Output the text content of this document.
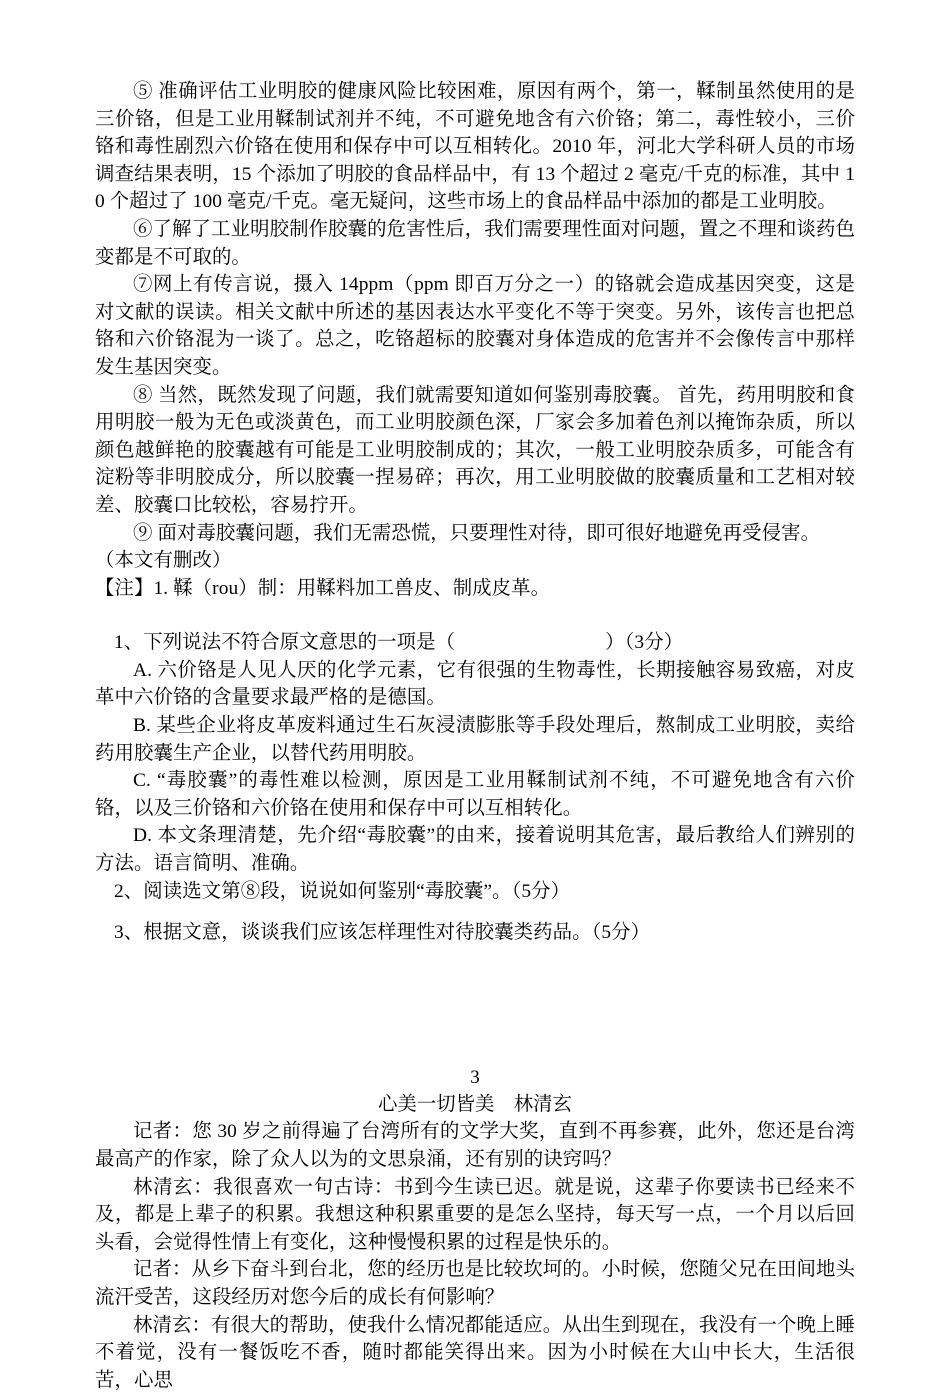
⑤ 准确评估工业明胶的健康风险比较困难，原因有两个，第一，鞣制虽然使用的是三价铬，但是工业用鞣制试剂并不纯，不可避免地含有六价铬；第二，毒性较小，三价铬和毒性剧烈六价铬在使用和保存中可以互相转化。2010 年，河北大学科研人员的市场调查结果表明，15 个添加了明胶的食品样品中，有 13 个超过 2 毫克/千克的标准，其中 10 个超过了 100 毫克/千克。毫无疑问，这些市场上的食品样品中添加的都是工业明胶。

⑥了解了工业明胶制作胶囊的危害性后，我们需要理性面对问题，置之不理和谈药色变都是不可取的。

⑦网上有传言说，摄入 14ppm（ppm 即百万分之一）的铬就会造成基因突变，这是对文献的误读。相关文献中所述的基因表达水平变化不等于突变。另外，该传言也把总铬和六价铬混为一谈了。总之，吃铬超标的胶囊对身体造成的危害并不会像传言中那样发生基因突变。

⑧ 当然，既然发现了问题，我们就需要知道如何鉴别毒胶囊。 首先，药用明胶和食用明胶一般为无色或淡黄色，而工业明胶颜色深，厂家会多加着色剂以掩饰杂质，所以颜色越鲜艳的胶囊越有可能是工业明胶制成的；其次，一般工业明胶杂质多，可能含有淀粉等非明胶成分，所以胶囊一捏易碎；再次，用工业明胶做的胶囊质量和工艺相对较差、胶囊口比较松，容易拧开。

⑨ 面对毒胶囊问题，我们无需恐慌，只要理性对待，即可很好地避免再受侵害。

（本文有删改）

【注】1. 鞣（rou）制：用鞣料加工兽皮、制成皮革。

1、下列说法不符合原文意思的一项是（	）（3分）

A. 六价铬是人见人厌的化学元素，它有很强的生物毒性，长期接触容易致癌，对皮革中六价铬的含量要求最严格的是德国。

B. 某些企业将皮革废料通过生石灰浸渍膨胀等手段处理后，熬制成工业明胶，卖给药用胶囊生产企业，以替代药用明胶。

C. “毒胶囊”的毒性难以检测，原因是工业用鞣制试剂不纯，不可避免地含有六价铬，以及三价铬和六价铬在使用和保存中可以互相转化。

D. 本文条理清楚，先介绍“毒胶囊”的由来，接着说明其危害，最后教给人们辨别的方法。语言简明、准确。

2、阅读选文第⑧段，说说如何鉴别“毒胶囊”。（5分）

3、根据文意，谈谈我们应该怎样理性对待胶囊类药品。（5分）

3

心美一切皆美　林清玄

记者：您 30 岁之前得遍了台湾所有的文学大奖，直到不再参赛，此外，您还是台湾最高产的作家，除了众人以为的文思泉涌，还有别的诀窍吗？

林清玄：我很喜欢一句古诗：书到今生读已迟。就是说，这辈子你要读书已经来不及，都是上辈子的积累。我想这种积累重要的是怎么坚持，每天写一点，一个月以后回头看，会觉得性情上有变化，这种慢慢积累的过程是快乐的。

记者：从乡下奋斗到台北，您的经历也是比较坎坷的。小时候，您随父兄在田间地头流汗受苦，这段经历对您今后的成长有何影响？

林清玄：有很大的帮助，使我什么情况都能适应。从出生到现在，我没有一个晚上睡不着觉，没有一餐饭吃不香，随时都能笑得出来。因为小时候在大山中长大，生活很苦，心思
